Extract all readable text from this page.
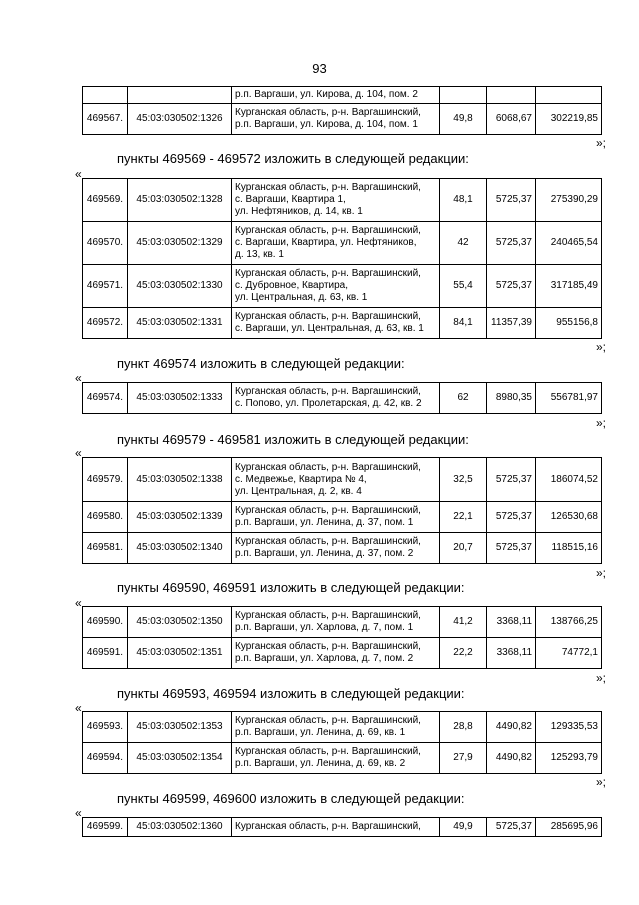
93
		р.п. Варгаши, ул. Кирова, д. 104, пом. 2			
469567.	45:03:030502:1326	Курганская область, р-н. Варгашинский,
р.п. Варгаши, ул. Кирова, д. 104, пом. 1	49,8	6068,67	302219,85
»;
пункты 469569 - 469572 изложить в следующей редакции:
«
469569.	45:03:030502:1328	Курганская область, р-н. Варгашинский,
с. Варгаши, Квартира 1,
ул. Нефтяников, д. 14, кв. 1	48,1	5725,37	275390,29
469570.	45:03:030502:1329	Курганская область, р-н. Варгашинский,
с. Варгаши, Квартира, ул. Нефтяников,
д. 13, кв. 1	42	5725,37	240465,54
469571.	45:03:030502:1330	Курганская область, р-н. Варгашинский,
с. Дубровное, Квартира,
ул. Центральная, д. 63, кв. 1	55,4	5725,37	317185,49
469572.	45:03:030502:1331	Курганская область, р-н. Варгашинский,
с. Варгаши, ул. Центральная, д. 63, кв. 1	84,1	11357,39	955156,8
»;
пункт 469574 изложить в следующей редакции:
«
469574.	45:03:030502:1333	Курганская область, р-н. Варгашинский,
с. Попово, ул. Пролетарская, д. 42, кв. 2	62	8980,35	556781,97
»;
пункты 469579 - 469581 изложить в следующей редакции:
«
469579.	45:03:030502:1338	Курганская область, р-н. Варгашинский,
с. Медвежье, Квартира № 4,
ул. Центральная, д. 2, кв. 4	32,5	5725,37	186074,52
469580.	45:03:030502:1339	Курганская область, р-н. Варгашинский,
р.п. Варгаши, ул. Ленина, д. 37, пом. 1	22,1	5725,37	126530,68
469581.	45:03:030502:1340	Курганская область, р-н. Варгашинский,
р.п. Варгаши, ул. Ленина, д. 37, пом. 2	20,7	5725,37	118515,16
»;
пункты 469590, 469591 изложить в следующей редакции:
«
469590.	45:03:030502:1350	Курганская область, р-н. Варгашинский,
р.п. Варгаши, ул. Харлова, д. 7, пом. 1	41,2	3368,11	138766,25
469591.	45:03:030502:1351	Курганская область, р-н. Варгашинский,
р.п. Варгаши, ул. Харлова, д. 7, пом. 2	22,2	3368,11	74772,1
»;
пункты 469593, 469594 изложить в следующей редакции:
«
469593.	45:03:030502:1353	Курганская область, р-н. Варгашинский,
р.п. Варгаши, ул. Ленина, д. 69, кв. 1	28,8	4490,82	129335,53
469594.	45:03:030502:1354	Курганская область, р-н. Варгашинский,
р.п. Варгаши, ул. Ленина, д. 69, кв. 2	27,9	4490,82	125293,79
»;
пункты 469599, 469600 изложить в следующей редакции:
«
469599.	45:03:030502:1360	Курганская область, р-н. Варгашинский,	49,9	5725,37	285695,96
